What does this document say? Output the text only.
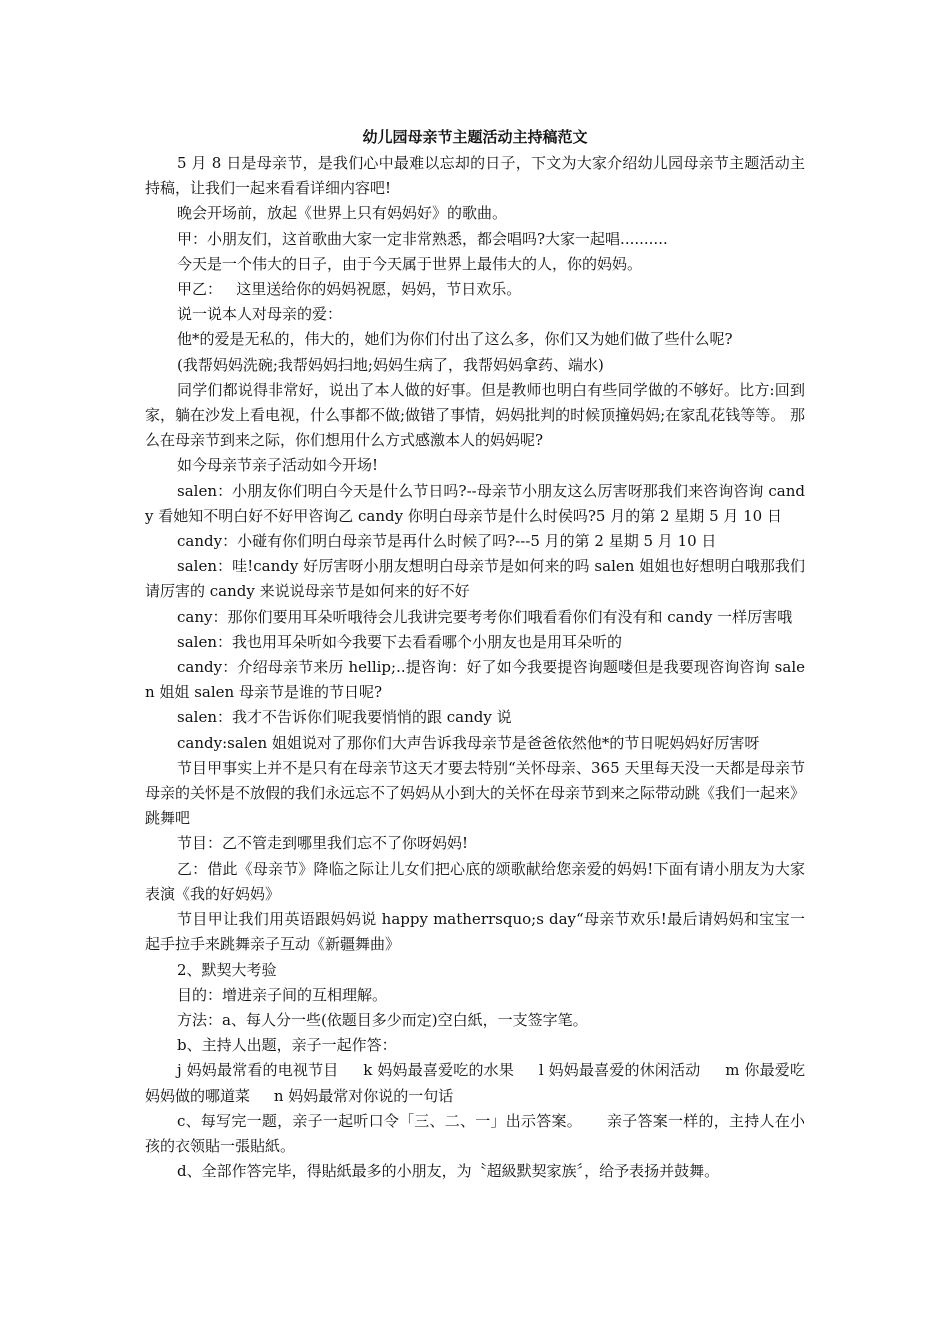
幼儿园母亲节主题活动主持稿范文

5 月 8 日是母亲节，是我们心中最难以忘却的日子，下文为大家介绍幼儿园母亲节主题活动主持稿，让我们一起来看看详细内容吧!

晚会开场前，放起《世界上只有妈妈好》的歌曲。

甲：小朋友们，这首歌曲大家一定非常熟悉，都会唱吗?大家一起唱..........

今天是一个伟大的日子，由于今天属于世界上最伟大的人，你的妈妈。

甲乙：   这里送给你的妈妈祝愿，妈妈，节日欢乐。

说一说本人对母亲的爱：

他*的爱是无私的，伟大的，她们为你们付出了这么多，你们又为她们做了些什么呢?

(我帮妈妈洗碗;我帮妈妈扫地;妈妈生病了，我帮妈妈拿药、端水)

同学们都说得非常好，说出了本人做的好事。但是教师也明白有些同学做的不够好。比方:回到家，躺在沙发上看电视，什么事都不做;做错了事情，妈妈批判的时候顶撞妈妈;在家乱花钱等等。 那么在母亲节到来之际，你们想用什么方式感激本人的妈妈呢?

如今母亲节亲子活动如今开场!

salen：小朋友你们明白今天是什么节日吗?--母亲节小朋友这么厉害呀那我们来咨询咨询 candy 看她知不明白好不好甲咨询乙 candy 你明白母亲节是什么时侯吗?5 月的第 2 星期 5 月 10 日

candy：小碰有你们明白母亲节是再什么时候了吗?---5 月的第 2 星期 5 月 10 日

salen：哇!candy 好厉害呀小朋友想明白母亲节是如何来的吗 salen 姐姐也好想明白哦那我们请厉害的 candy 来说说母亲节是如何来的好不好

cany：那你们要用耳朵听哦待会儿我讲完要考考你们哦看看你们有没有和 candy 一样厉害哦

salen：我也用耳朵听如今我要下去看看哪个小朋友也是用耳朵听的

candy：介绍母亲节来历 hellip;..提咨询：好了如今我要提咨询题喽但是我要现咨询咨询 salen 姐姐 salen 母亲节是谁的节日呢?

salen：我才不告诉你们呢我要悄悄的跟 candy 说

candy:salen 姐姐说对了那你们大声告诉我母亲节是爸爸依然他*的节日呢妈妈好厉害呀

节目甲事实上并不是只有在母亲节这天才要去特别“关怀母亲、365 天里每天没一天都是母亲节母亲的关怀是不放假的我们永远忘不了妈妈从小到大的关怀在母亲节到来之际带动跳《我们一起来》跳舞吧

节目：乙不管走到哪里我们忘不了你呀妈妈!

乙：借此《母亲节》降临之际让儿女们把心底的颂歌献给您亲爱的妈妈!下面有请小朋友为大家表演《我的好妈妈》

节目甲让我们用英语跟妈妈说 happy matherrsquo;s day“母亲节欢乐!最后请妈妈和宝宝一起手拉手来跳舞亲子互动《新疆舞曲》

2、默契大考验

目的：增进亲子间的互相理解。

方法：a、每人分一些(依题目多少而定)空白紙，一支签字笔。

b、主持人出题，亲子一起作答：

j 妈妈最常看的电视节目     k 妈妈最喜爱吃的水果     l 妈妈最喜爱的休闲活动     m 你最爱吃妈妈做的哪道菜     n 妈妈最常对你说的一句话

c、每写完一题，亲子一起听口令「三、二、一」出示答案。     亲子答案一样的，主持人在小孩的衣领貼一張貼紙。

d、全部作答完毕，得貼紙最多的小朋友，为〝超級默契家族〞，给予表扬并鼓舞。
